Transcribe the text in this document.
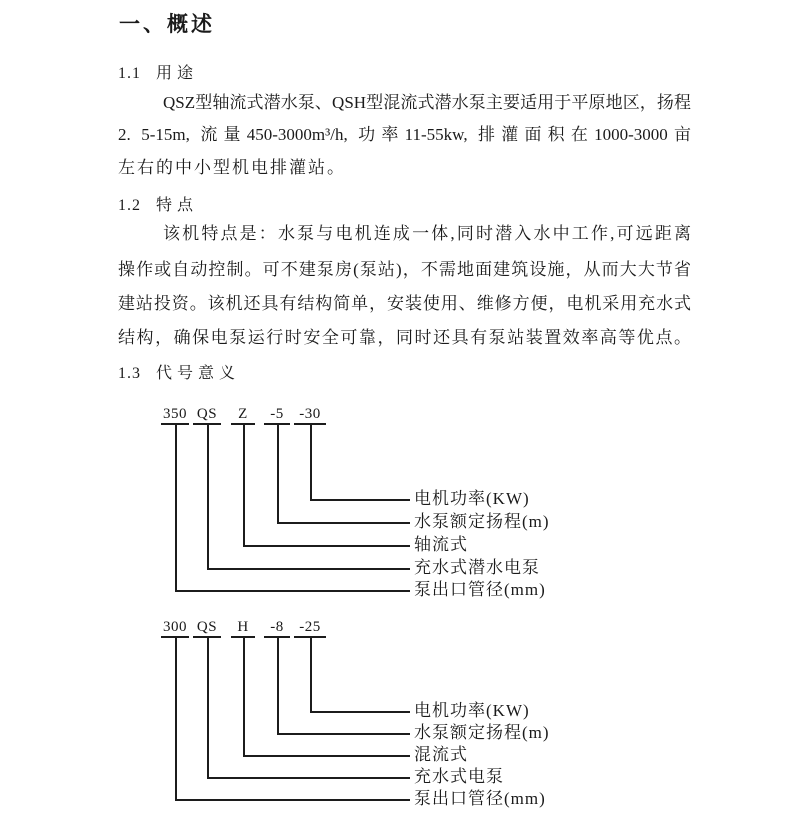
一、概述
1.1 用途

QSZ型轴流式潜水泵、QSH型混流式潜水泵主要适用于平原地区，扬程

2. 5-15m, 流量450-3000m³/h, 功率11-55kw, 排灌面积在1000-3000亩

左右的中小型机电排灌站。

1.2 特点

该机特点是：水泵与电机连成一体,同时潜入水中工作,可远距离

操作或自动控制。可不建泵房(泵站)，不需地面建筑设施，从而大大节省

建站投资。该机还具有结构简单，安装使用、维修方便，电机采用充水式

结构，确保电泵运行时安全可靠，同时还具有泵站装置效率高等优点。

1.3 代号意义
350 QS	Z	-5	-30
电机功率(KW)
水泵额定扬程(m)
轴流式
充水式潜水电泵
泵出口管径(mm)
300 QS	H	-8	-25
电机功率(KW)
水泵额定扬程(m)
混流式
充水式电泵
泵出口管径(mm)
